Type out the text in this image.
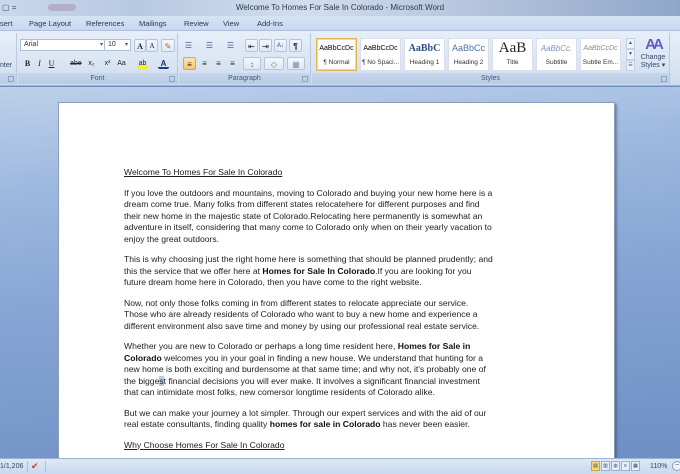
▢ =	Welcome To Homes For Sale In Colorado - Microsoft Word
sert Page Layout References Mailings Review View Add-Ins
nter
Arial	▾ 10 ▾	A A	✎
B I U	abe x₂	x² Aa ab	A
Font
☰ ☰ ☰	⇤ ⇥	A↓	¶
≡	≡	≡	≡	↕	◇	▦
Paragraph
AaBbCcDc
¶ Normal
AaBbCcDc
¶ No Spaci...
AaBbC
Heading 1
AaBbCc
Heading 2
AaB
Title
AaBbCc.
Subtitle
AaBbCcDc
Subtle Em...
▲
▼
☰
AA
Change Styles ▾
Styles
Welcome To Homes For Sale In Colorado

If you love the outdoors and mountains, moving to Colorado and buying your new home here is a dream come true. Many folks from different states relocatehere for different purposes and find their new home in the majestic state of Colorado.Relocating here permanently is somewhat an adventure in itself, considering that many come to Colorado only when on their yearly vacation to enjoy the great outdoors.

This is why choosing just the right home here is something that should be planned prudently; and this the service that we offer here at Homes for Sale In Colorado.If you are looking for you future dream home here in Colorado, then you have come to the right website.

Now, not only those folks coming in from different states to relocate appreciate our service. Those who are already residents of Colorado who want to buy a new home and experience a different environment also save time and money by using our professional real estate service.

Whether you are new to Colorado or perhaps a long time resident here, Homes for Sale in Colorado welcomes you in your goal in finding a new house. We understand that hunting for a new home is both exciting and burdensome at that same time; and why not, it's probably one of the biggest financial decisions you will ever make. It involves a significant financial investment that can intimidate most folks, new comersor longtime residents of Colorado alike.

But we can make your journey a lot simpler. Through our expert services and with the aid of our real estate consultants, finding quality homes for sale in Colorado has never been easier.

Why Choose Homes For Sale In Colorado
1/1,206 ✔	▤ ▥ ◍ ≡ ▦	110%	−
